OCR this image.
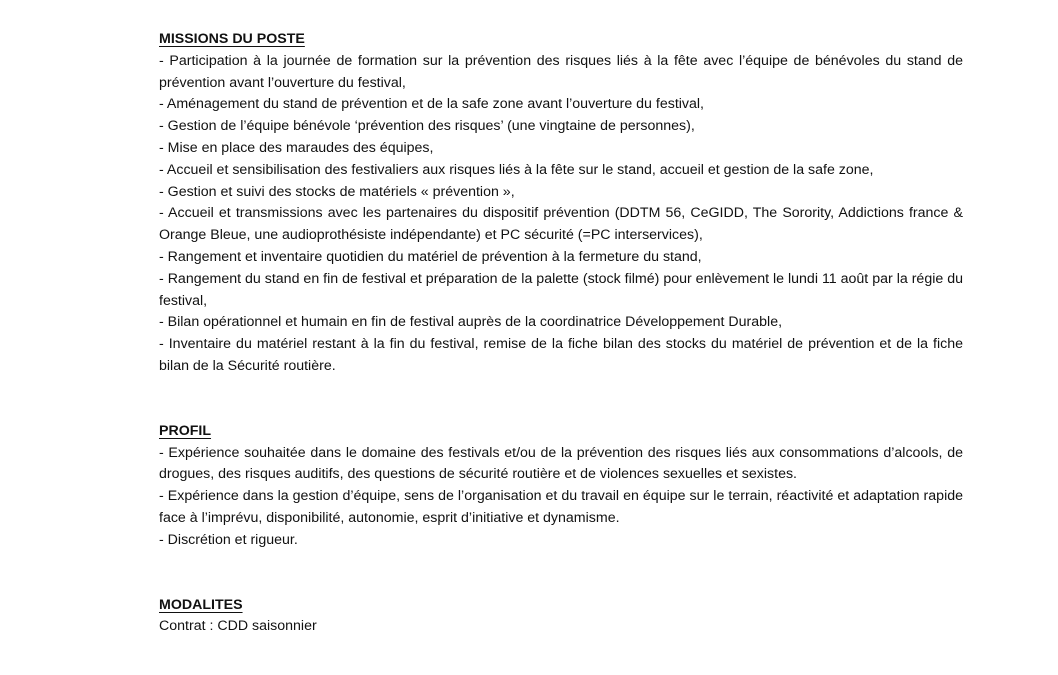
MISSIONS DU POSTE
- Participation à la journée de formation sur la prévention des risques liés à la fête avec l’équipe de bénévoles du stand de prévention avant l’ouverture du festival,
- Aménagement du stand de prévention et de la safe zone avant l’ouverture du festival,
- Gestion de l’équipe bénévole ‘prévention des risques’ (une vingtaine de personnes),
- Mise en place des maraudes des équipes,
- Accueil et sensibilisation des festivaliers aux risques liés à la fête sur le stand, accueil et gestion de la safe zone,
- Gestion et suivi des stocks de matériels « prévention »,
- Accueil et transmissions avec les partenaires du dispositif prévention (DDTM 56, CeGIDD, The Sorority, Addictions france & Orange Bleue, une audioprothésiste indépendante) et PC sécurité (=PC interservices),
- Rangement et inventaire quotidien du matériel de prévention à la fermeture du stand,
- Rangement du stand en fin de festival et préparation de la palette (stock filmé) pour enlèvement le lundi 11 août par la régie du festival,
- Bilan opérationnel et humain en fin de festival auprès de la coordinatrice Développement Durable,
- Inventaire du matériel restant à la fin du festival, remise de la fiche bilan des stocks du matériel de prévention et de la fiche bilan de la Sécurité routière.
PROFIL
- Expérience souhaitée dans le domaine des festivals et/ou de la prévention des risques liés aux consommations d’alcools, de drogues, des risques auditifs, des questions de sécurité routière et de violences sexuelles et sexistes.
- Expérience dans la gestion d’équipe, sens de l’organisation et du travail en équipe sur le terrain, réactivité et adaptation rapide face à l’imprévu, disponibilité, autonomie, esprit d’initiative et dynamisme.
- Discrétion et rigueur.
MODALITES

Contrat : CDD saisonnier
